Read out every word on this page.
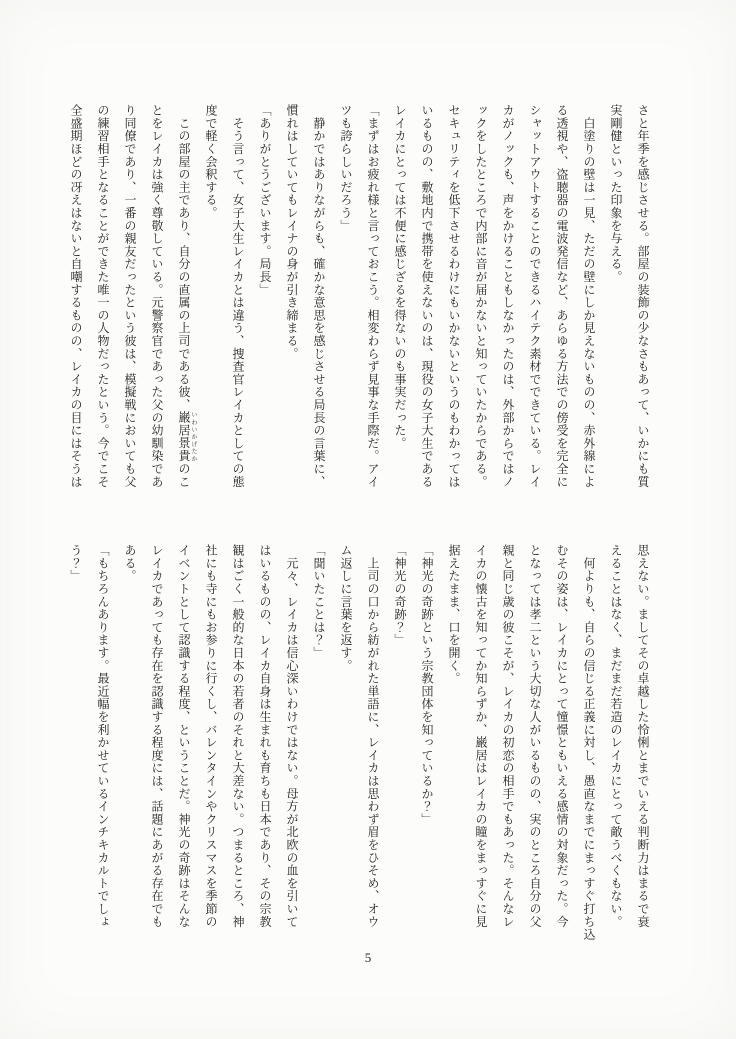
さと年季を感じさせる。部屋の装飾の少なさもあって、いかにも質
実剛健といった印象を与える。
　白塗りの壁は一見、ただの壁にしか見えないものの、赤外線によ
る透視や、盗聴器の電波発信など、あらゆる方法での傍受を完全に
シャットアウトすることのできるハイテク素材でできている。レイ
カがノックも、声をかけることもしなかったのは、外部からではノ
ックをしたところで内部に音が届かないと知っていたからである。
セキュリティを低下させるわけにもいかないというのもわかっては
いるものの、敷地内で携帯を使えないのは、現役の女子大生である
レイカにとっては不便に感じざるを得ないのも事実だった。
「まずはお疲れ様と言っておこう。相変わらず見事な手際だ。アイ
ツも誇らしいだろう」
　静かではありながらも、確かな意思を感じさせる局長の言葉に、
慣れはしていてもレイナの身が引き締まる。
「ありがとうございます。局長」
　そう言って、女子大生レイカとは違う、捜査官レイカとしての態
度で軽く会釈する。
　この部屋の主であり、自分の直属の上司である彼、巌居景貴 いわいかげたかのこ
とをレイカは強く尊敬している。元警察官であった父の幼馴染であ
り同僚であり、一番の親友だったという彼は、模擬戦においても父
の練習相手となることができた唯一の人物だったという。今でこそ
全盛期ほどの冴えはないと自嘲するものの、レイカの目にはそうは
思えない。ましてその卓越した怜悧とまでいえる判断力はまるで衰
えることはなく、まだまだ若造のレイカにとって敵うべくもない。
　何よりも、自らの信じる正義に対し、愚直なまでにまっすぐ打ち込
むその姿は、レイカにとって憧憬ともいえる感情の対象だった。今
となっては孝二という大切な人がいるものの、実のところ自分の父
親と同じ歳の彼こそが、レイカの初恋の相手でもあった。そんなレ
イカの懐古を知ってか知らずか、巌居はレイカの瞳をまっすぐに見
据えたまま、口を開く。
「神光の奇跡という宗教団体を知っているか？」
「神光の奇跡？」
　上司の口から紡がれた単語に、レイカは思わず眉をひそめ、オウ
ム返しに言葉を返す。
「聞いたことは？」
　元々、レイカは信心深いわけではない。母方が北欧の血を引いて
はいるものの、レイカ自身は生まれも育ちも日本であり、その宗教
観はごく一般的な日本の若者のそれと大差ない。つまるところ、神
社にも寺にもお参りに行くし、バレンタインやクリスマスを季節の
イベントとして認識する程度、ということだ。神光の奇跡はそんな
レイカであっても存在を認識する程度には、話題にあがる存在でも
ある。
「もちろんあります。最近幅を利かせているインチキカルトでしょ
う？」
5
